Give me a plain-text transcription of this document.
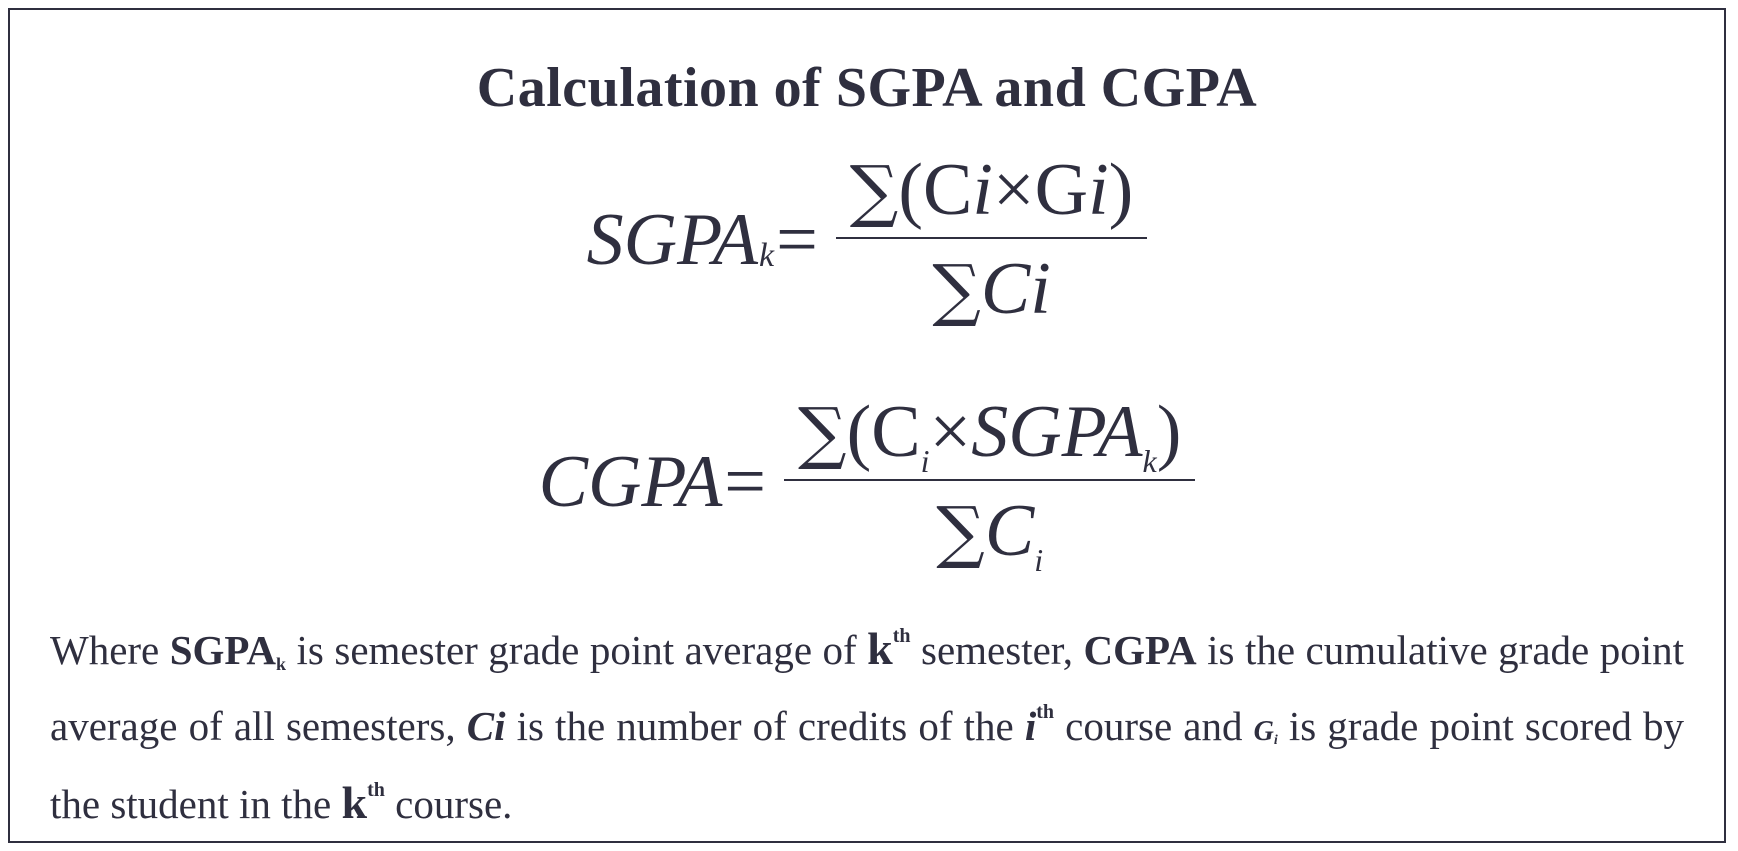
Calculation of SGPA and CGPA
SGPA $k = \frac{\sum(Ci\times Gi)}{\sum Ci}$
CGPA = $\frac{\sum(C_i\times SGPA_k)}{\sum C_i}$
Where $SGPA_k$ is semester grade point average of $k^{th}$ semester, CGPA is the cumulative grade point average of all semesters, Ci is the number of credits of the $i^{th}$ course and $G_i$ is grade point scored by the student in the $k^{th}$ course.
